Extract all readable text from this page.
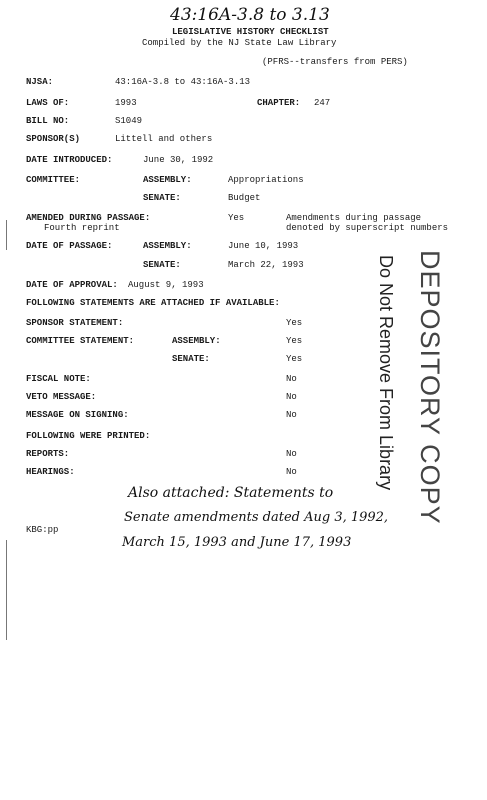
43:16A-3.8 to 3.13
LEGISLATIVE HISTORY CHECKLIST
Compiled by the NJ State Law Library
(PFRS--transfers from PERS)
NJSA:	43:16A-3.8 to 43:16A-3.13
LAWS OF:	1993	CHAPTER: 247
BILL NO:	S1049
SPONSOR(S)	Littell and others
DATE INTRODUCED:	June 30, 1992
COMMITTEE:	ASSEMBLY:	Appropriations
SENATE:	Budget
AMENDED DURING PASSAGE:	Yes	Amendments during passage
Fourth reprint	denoted by superscript numbers
DATE OF PASSAGE:	ASSEMBLY:	June 10, 1993
SENATE:	March 22, 1993
DATE OF APPROVAL: August 9, 1993
FOLLOWING STATEMENTS ARE ATTACHED IF AVAILABLE:
SPONSOR STATEMENT:	Yes
COMMITTEE STATEMENT:	ASSEMBLY:	Yes
SENATE:	Yes
FISCAL NOTE:	No
VETO MESSAGE:	No
MESSAGE ON SIGNING:	No
FOLLOWING WERE PRINTED:
REPORTS:	No
HEARINGS:	No
KBG:pp
Also attached: Statements to
Senate amendments dated Aug 3, 1992,
March 15, 1993 and June 17, 1993
DEPOSITORY COPY
Do Not Remove From Library
